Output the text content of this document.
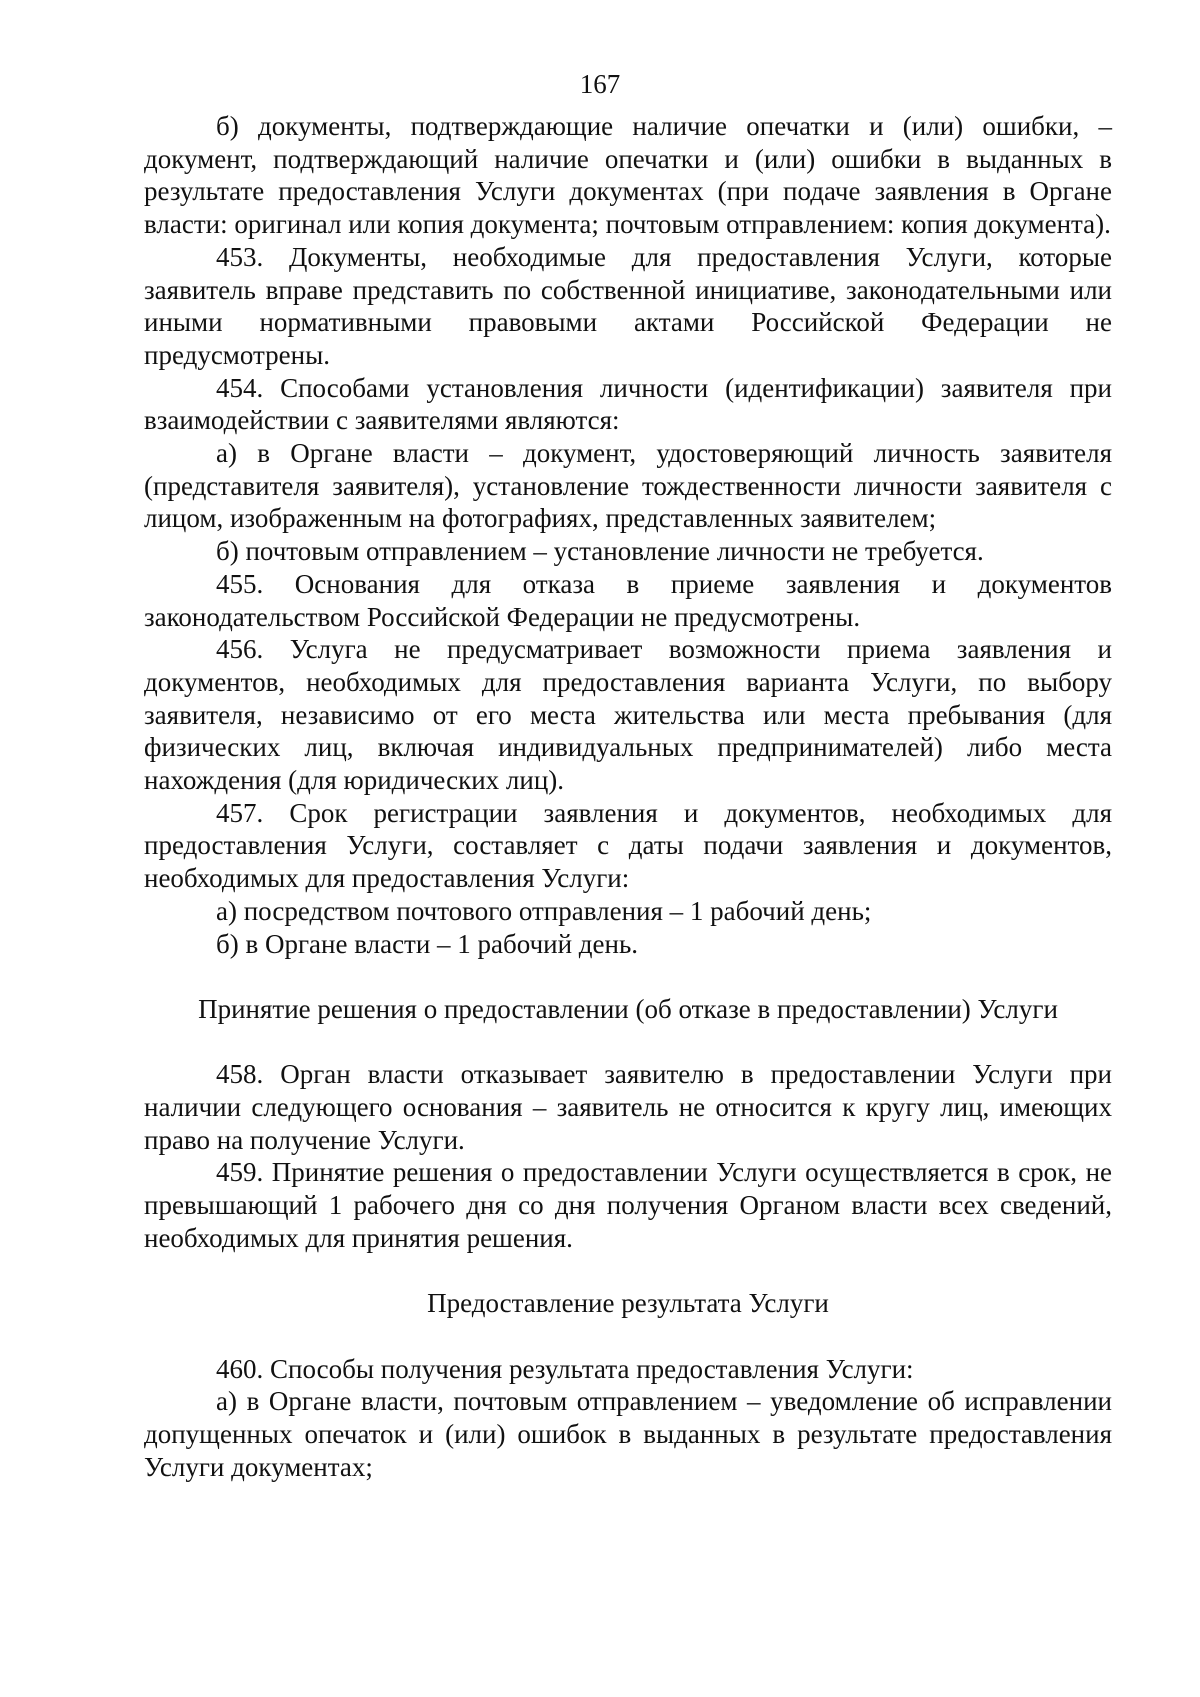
167

б) документы, подтверждающие наличие опечатки и (или) ошибки, – документ, подтверждающий наличие опечатки и (или) ошибки в выданных в результате предоставления Услуги документах (при подаче заявления в Органе власти: оригинал или копия документа; почтовым отправлением: копия документа).

453. Документы, необходимые для предоставления Услуги, которые заявитель вправе представить по собственной инициативе, законодательными или иными нормативными правовыми актами Российской Федерации не предусмотрены.

454. Способами установления личности (идентификации) заявителя при взаимодействии с заявителями являются:

а) в Органе власти – документ, удостоверяющий личность заявителя (представителя заявителя), установление тождественности личности заявителя с лицом, изображенным на фотографиях, представленных заявителем;

б) почтовым отправлением – установление личности не требуется.

455. Основания для отказа в приеме заявления и документов законодательством Российской Федерации не предусмотрены.

456. Услуга не предусматривает возможности приема заявления и документов, необходимых для предоставления варианта Услуги, по выбору заявителя, независимо от его места жительства или места пребывания (для физических лиц, включая индивидуальных предпринимателей) либо места нахождения (для юридических лиц).

457. Срок регистрации заявления и документов, необходимых для предоставления Услуги, составляет с даты подачи заявления и документов, необходимых для предоставления Услуги:

а) посредством почтового отправления – 1 рабочий день;

б) в Органе власти – 1 рабочий день.

Принятие решения о предоставлении (об отказе в предоставлении) Услуги

458. Орган власти отказывает заявителю в предоставлении Услуги при наличии следующего основания – заявитель не относится к кругу лиц, имеющих право на получение Услуги.

459. Принятие решения о предоставлении Услуги осуществляется в срок, не превышающий 1 рабочего дня со дня получения Органом власти всех сведений, необходимых для принятия решения.

Предоставление результата Услуги

460. Способы получения результата предоставления Услуги:

а) в Органе власти, почтовым отправлением – уведомление об исправлении допущенных опечаток и (или) ошибок в выданных в результате предоставления Услуги документах;
